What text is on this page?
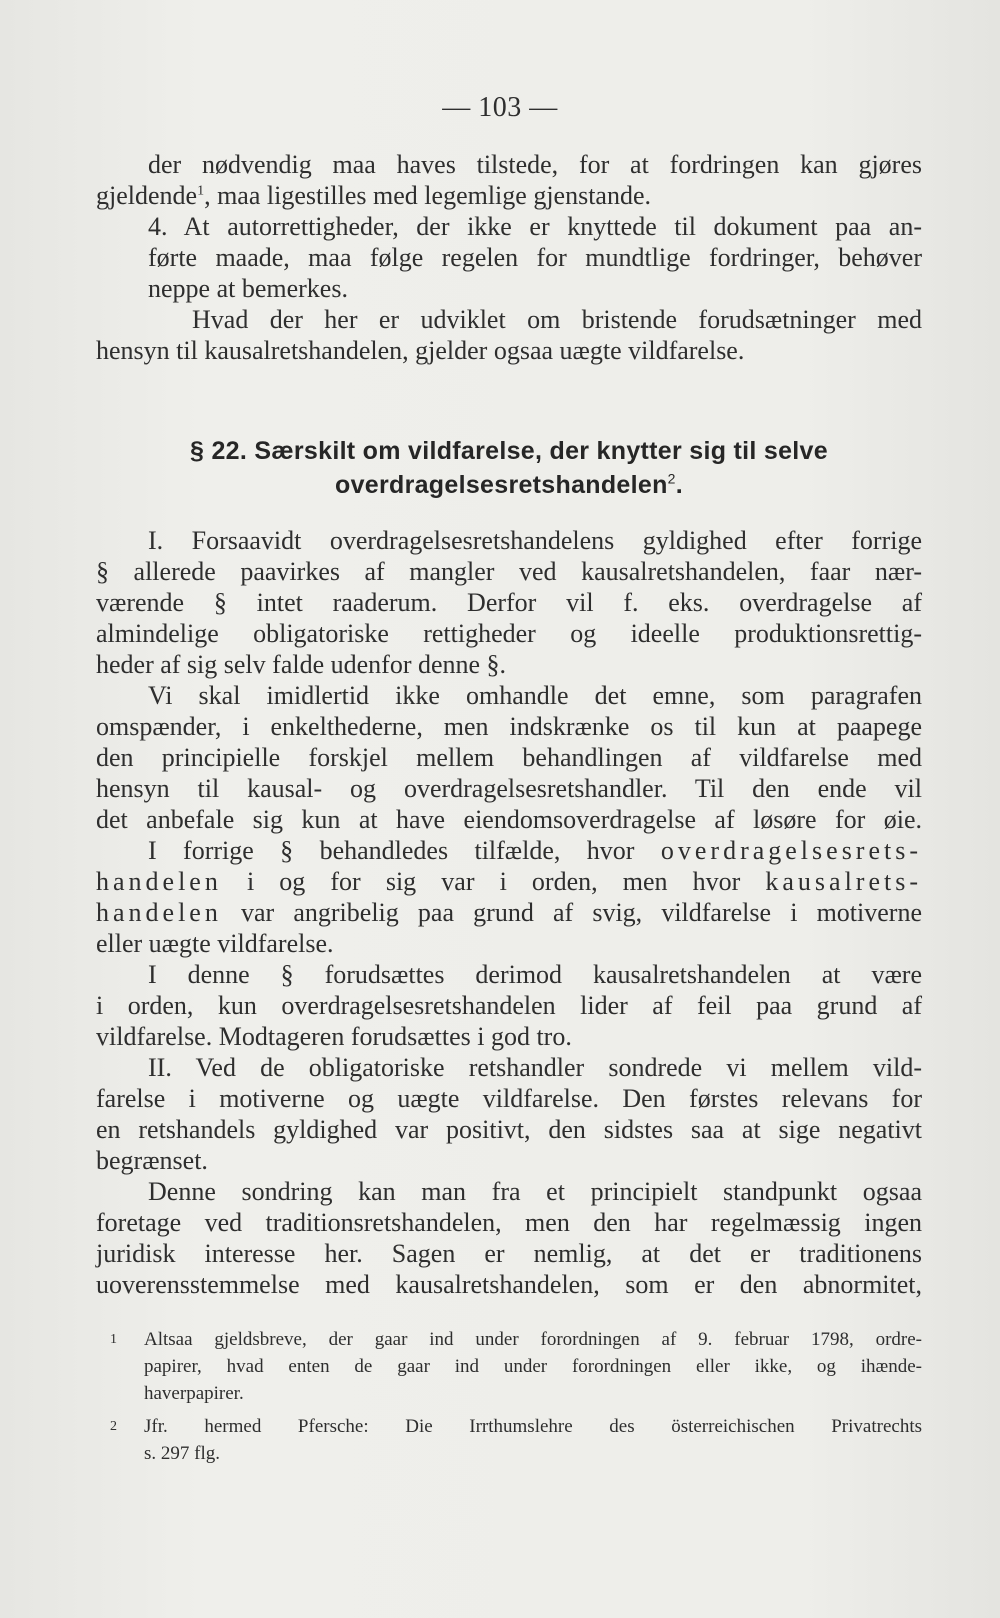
— 103 —
der nødvendig maa haves tilstede, for at fordringen kan gjøres
gjeldende$^1$, maa ligestilles med legemlige gjenstande.
4. At autorrettigheder, der ikke er knyttede til dokument paa an-
førte maade, maa følge regelen for mundtlige fordringer, behøver
neppe at bemerkes.
Hvad der her er udviklet om bristende forudsætninger med
hensyn til kausalretshandelen, gjelder ogsaa uægte vildfarelse.
§ 22. Særskilt om vildfarelse, der knytter sig til selve
overdragelsesretshandelen$^2$.
I. Forsaavidt overdragelsesretshandelens gyldighed efter forrige
§ allerede paavirkes af mangler ved kausalretshandelen, faar nær-
værende § intet raaderum. Derfor vil f. eks. overdragelse af
almindelige obligatoriske rettigheder og ideelle produktionsrettig-
heder af sig selv falde udenfor denne §.
Vi skal imidlertid ikke omhandle det emne, som paragrafen
omspænder, i enkelthederne, men indskrænke os til kun at paapege
den principielle forskjel mellem behandlingen af vildfarelse med
hensyn til kausal- og overdragelsesretshandler. Til den ende vil
det anbefale sig kun at have eiendomsoverdragelse af løsøre for øie.
I forrige § behandledes tilfælde, hvor overdragelsesrets-
handelen i og for sig var i orden, men hvor kausalrets-
handelen var angribelig paa grund af svig, vildfarelse i motiverne
eller uægte vildfarelse.
I denne § forudsættes derimod kausalretshandelen at være
i orden, kun overdragelsesretshandelen lider af feil paa grund af
vildfarelse. Modtageren forudsættes i god tro.
II. Ved de obligatoriske retshandler sondrede vi mellem vild-
farelse i motiverne og uægte vildfarelse. Den førstes relevans for
en retshandels gyldighed var positivt, den sidstes saa at sige negativt
begrænset.
Denne sondring kan man fra et principielt standpunkt ogsaa
foretage ved traditionsretshandelen, men den har regelmæssig ingen
juridisk interesse her. Sagen er nemlig, at det er traditionens
uoverensstemmelse med kausalretshandelen, som er den abnormitet,
1	Altsaa gjeldsbreve, der gaar ind under forordningen af 9. februar 1798, ordre-
papirer, hvad enten de gaar ind under forordningen eller ikke, og ihænde-
haverpapirer.
2	Jfr. hermed Pfersche: Die Irrthumslehre des österreichischen Privatrechts
s. 297 flg.
